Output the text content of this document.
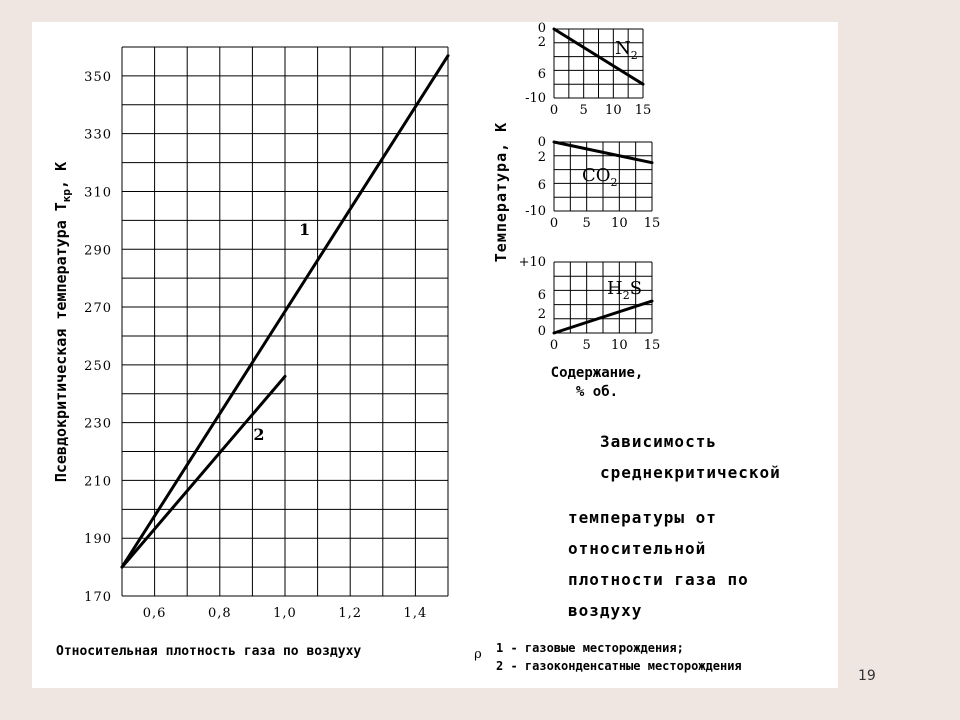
170
190
210
230
250
270
290
310
330
350
0,6	0,8	1,0	1,2	1,4
1
2
Псевдокритическая температура $Т_{кр}$, К
Относительная плотность газа по воздуху	ρ
0
2
6
-10
0 5 10 15
$N_2$
0
2
6
-10
0 5 10 15
$CO_2$
+10
6
2
0
0 5 10 15
$H_2S$
Температура, К
Содержание,
% об.
Зависимость
среднекритической
температуры от
относительной
плотности газа по
воздуху
1 - газовые месторождения;
2 - газоконденсатные месторождения
19
